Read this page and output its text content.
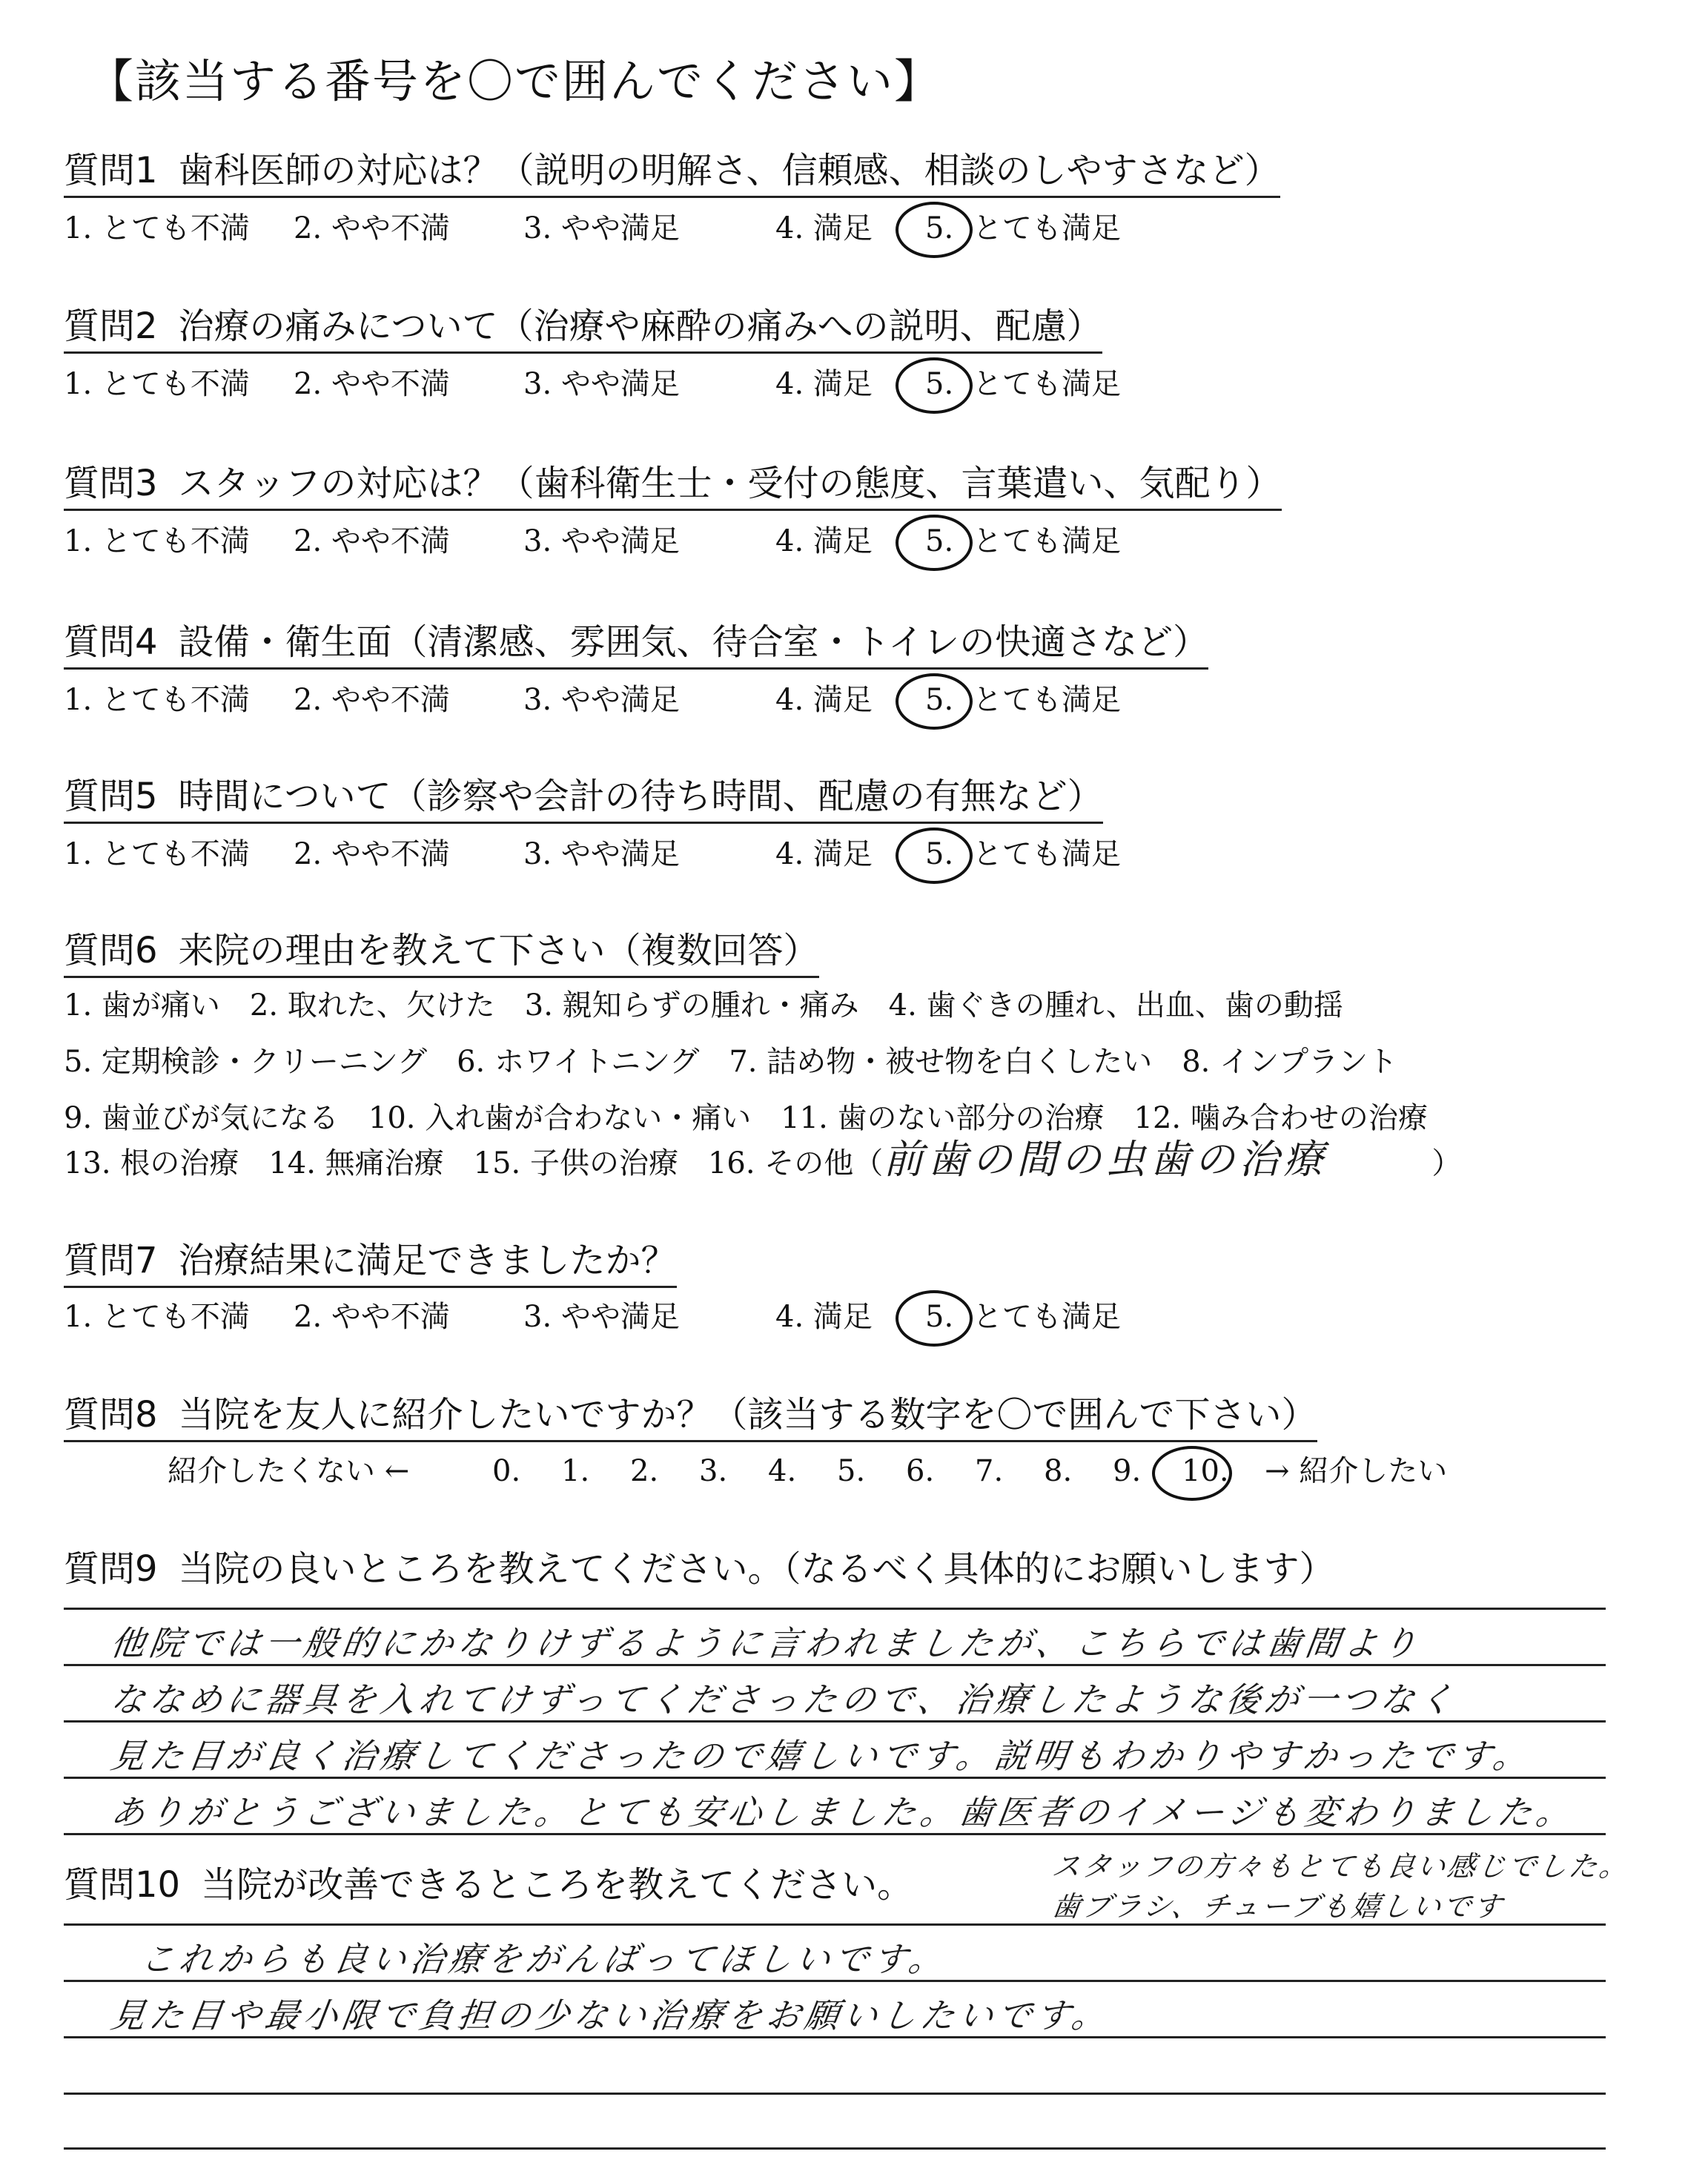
【該当する番号を〇で囲んでください】
質問1 歯科医師の対応は？（説明の明解さ、信頼感、相談のしやすさなど）
1. とても不満 2. やや不満 3. やや満足	4. 満足 5. とても満足
質問2 治療の痛みについて（治療や麻酔の痛みへの説明、配慮）
1. とても不満 2. やや不満 3. やや満足	4. 満足 5. とても満足
質問3 スタッフの対応は？（歯科衛生士・受付の態度、言葉遣い、気配り）
1. とても不満 2. やや不満 3. やや満足	4. 満足 5. とても満足
質問4 設備・衛生面（清潔感、雰囲気、待合室・トイレの快適さなど）
1. とても不満 2. やや不満 3. やや満足	4. 満足 5. とても満足
質問5 時間について（診察や会計の待ち時間、配慮の有無など）
1. とても不満 2. やや不満 3. やや満足	4. 満足 5. とても満足
質問6 来院の理由を教えて下さい（複数回答）
1. 歯が痛い　2. 取れた、欠けた　3. 親知らずの腫れ・痛み　4. 歯ぐきの腫れ、出血、歯の動揺
5. 定期検診・クリーニング　6. ホワイトニング　7. 詰め物・被せ物を白くしたい　8. インプラント
9. 歯並びが気になる　10. 入れ歯が合わない・痛い　11. 歯のない部分の治療　12. 噛み合わせの治療
13. 根の治療　14. 無痛治療　15. 子供の治療　16. その他（前歯の間の虫歯の治療	）
質問7 治療結果に満足できましたか？
1. とても不満 2. やや不満 3. やや満足	4. 満足 5. とても満足
質問8 当院を友人に紹介したいですか？（該当する数字を〇で囲んで下さい）
紹介したくない ←	0. 1. 2. 3. 4. 5. 6. 7. 8. 9. 10. → 紹介したい
質問9 当院の良いところを教えてください。（なるべく具体的にお願いします）
他院では一般的にかなりけずるように言われましたが、こちらでは歯間より
ななめに器具を入れてけずってくださったので、治療したような後が一つなく
見た目が良く治療してくださったので嬉しいです。説明もわかりやすかったです。
ありがとうございました。とても安心しました。歯医者のイメージも変わりました。
質問10 当院が改善できるところを教えてください。	スタッフの方々もとても良い感じでした。
歯ブラシ、チューブも嬉しいです
これからも良い治療をがんばってほしいです。
見た目や最小限で負担の少ない治療をお願いしたいです。
